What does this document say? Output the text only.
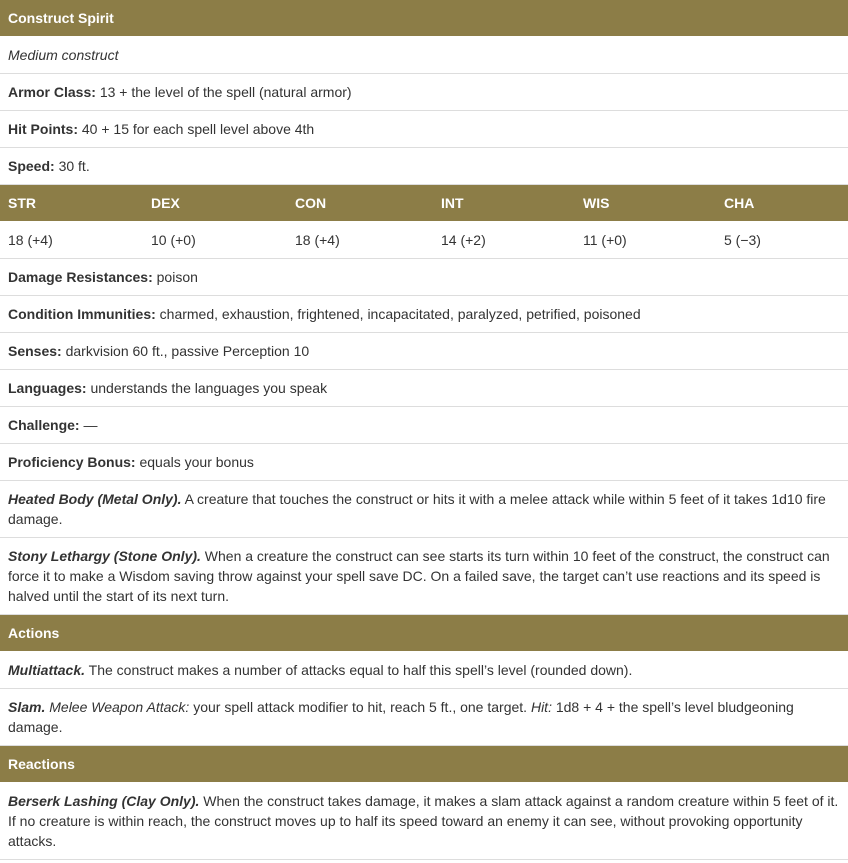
Construct Spirit					
Medium construct					
Armor Class: 13 + the level of the spell (natural armor)					
Hit Points: 40 + 15 for each spell level above 4th					
Speed: 30 ft.					
STR	DEX	CON	INT	WIS	CHA
18 (+4)	10 (+0)	18 (+4)	14 (+2)	11 (+0)	5 (−3)
Damage Resistances: poison					
Condition Immunities: charmed, exhaustion, frightened, incapacitated, paralyzed, petrified, poisoned					
Senses: darkvision 60 ft., passive Perception 10					
Languages: understands the languages you speak					
Challenge: —					
Proficiency Bonus: equals your bonus					
Heated Body (Metal Only). A creature that touches the construct or hits it with a melee attack while within 5 feet of it takes 1d10 fire damage.					
Stony Lethargy (Stone Only). When a creature the construct can see starts its turn within 10 feet of the construct, the construct can force it to make a Wisdom saving throw against your spell save DC. On a failed save, the target can’t use reactions and its speed is halved until the start of its next turn.					
Actions					
Multiattack. The construct makes a number of attacks equal to half this spell’s level (rounded down).					
Slam. Melee Weapon Attack: your spell attack modifier to hit, reach 5 ft., one target. Hit: 1d8 + 4 + the spell’s level bludgeoning damage.					
Reactions					
Berserk Lashing (Clay Only). When the construct takes damage, it makes a slam attack against a random creature within 5 feet of it. If no creature is within reach, the construct moves up to half its speed toward an enemy it can see, without provoking opportunity attacks.					
